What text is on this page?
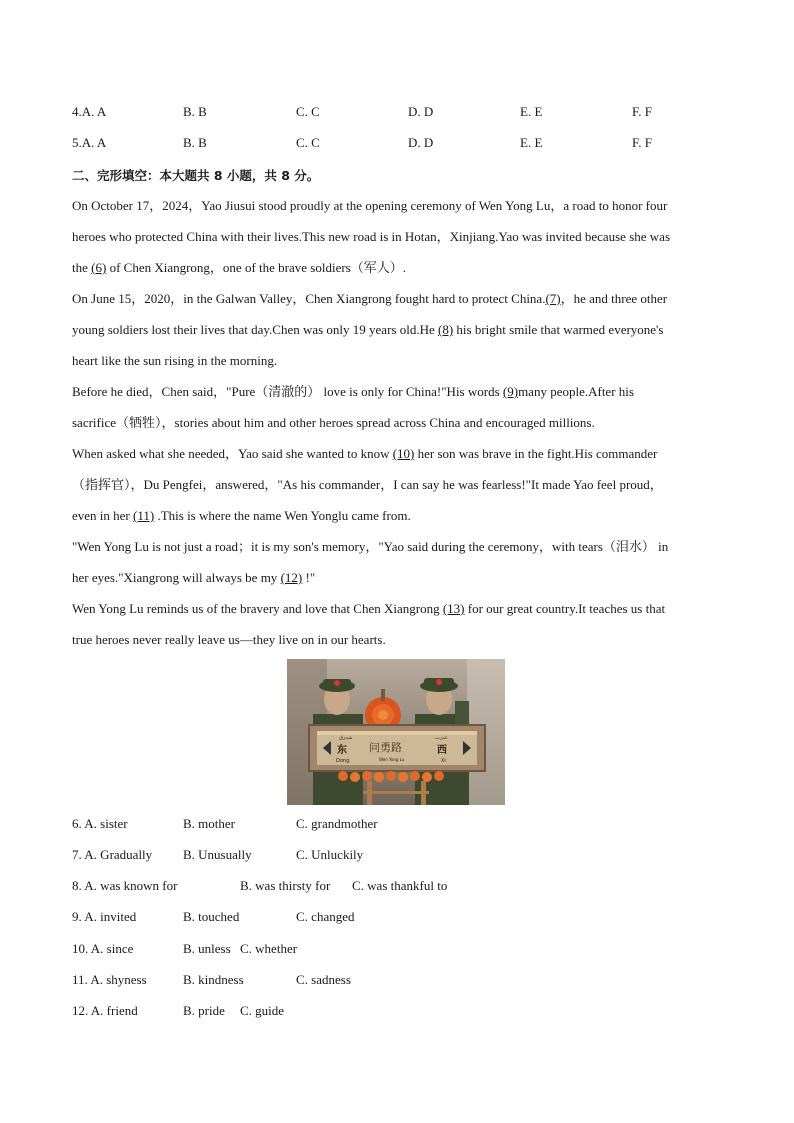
4.A. A	B. B	C. C	D. D	E. E	F. F
5.A. A	B. B	C. C	D. D	E. E	F. F
二、完形填空：本大题共 8 小题，共 8 分。
On October 17，2024，Yao Jiusui stood proudly at the opening ceremony of Wen Yong Lu，a road to honor four
heroes who protected China with their lives.This new road is in Hotan，Xinjiang.Yao was invited because she was
the (6) of Chen Xiangrong，one of the brave soldiers（军人）.
On June 15，2020，in the Galwan Valley，Chen Xiangrong fought hard to protect China.(7)，he and three other
young soldiers lost their lives that day.Chen was only 19 years old.He (8) his bright smile that warmed everyone's
heart like the sun rising in the morning.
Before he died，Chen said，"Pure（清澈的） love is only for China!"His words (9)many people.After his
sacrifice（牺牲），stories about him and other heroes spread across China and encouraged millions.
When asked what she needed，Yao said she wanted to know (10) her son was brave in the fight.His commander
（指挥官），Du Pengfei，answered，"As his commander，I can say he was fearless!"It made Yao feel proud，
even in her (11) .This is where the name Wen Yonglu came from.
"Wen Yong Lu is not just a road；it is my son's memory，"Yao said during the ceremony，with tears（泪水） in
her eyes."Xiangrong will always be my (12) !"
Wen Yong Lu reminds us of the bravery and love that Chen Xiangrong (13) for our great country.It teaches us that
true heroes never really leave us—they live on in our hearts.
شەرق
东
Dong
问勇路
Wen Yong Lu
غەرب
西
Xi
6. A. sister	B. mother	C. grandmother
7. A. Gradually B. Unusually	C. Unluckily
8. A. was known for	B. was thirsty for C. was thankful to
9. A. invited	B. touched	C. changed
10. A. since	B. unless C. whether
11. A. shyness	B. kindness	C. sadness
12. A. friend	B. pride C. guide
